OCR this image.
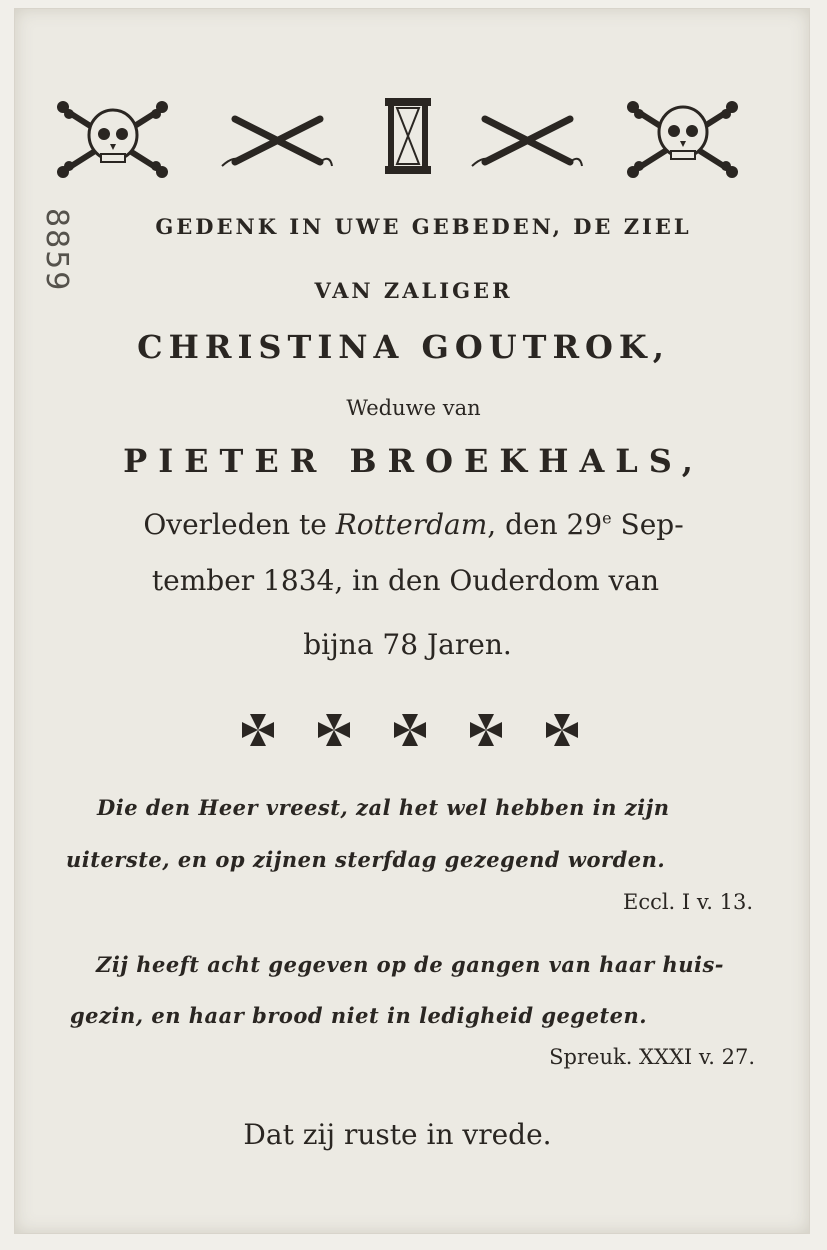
8859	GEDENK IN UWE GEBEDEN, DE ZIEL
VAN ZALIGER
CHRISTINA GOUTROK,
Weduwe van
PIETER BROEKHALS,
Overleden te Rotterdam, den 29e Sep-
tember 1834, in den Ouderdom van
bijna 78 Jaren.
Die den Heer vreest, zal het wel hebben in zijn
uiterste, en op zijnen sterfdag gezegend worden.
Eccl. I v. 13.
Zij heeft acht gegeven op de gangen van haar huis-
gezin, en haar brood niet in ledigheid gegeten.
Spreuk. XXXI v. 27.
Dat zij ruste in vrede.
